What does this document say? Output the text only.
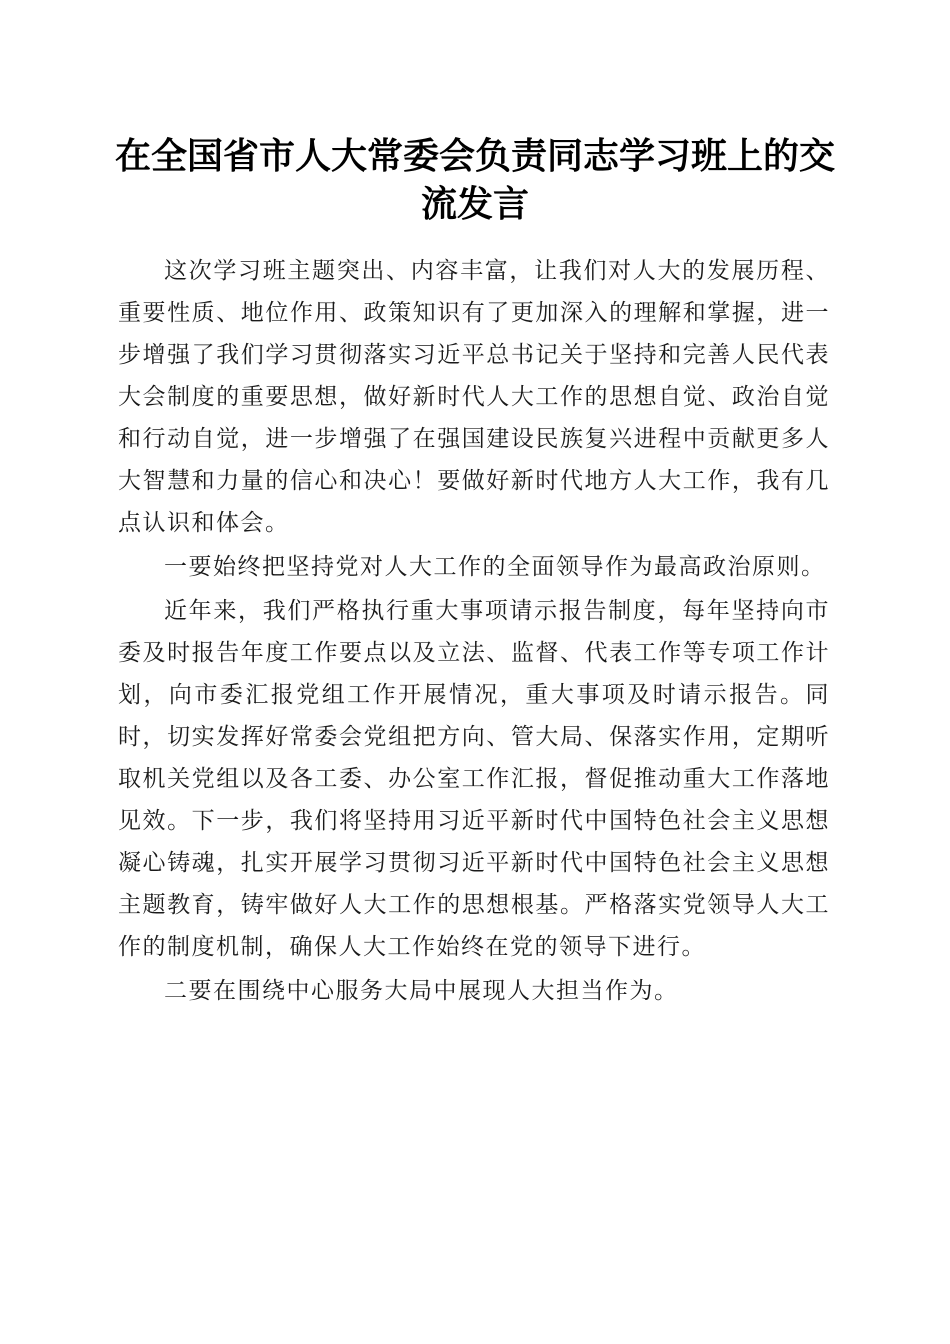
在全国省市人大常委会负责同志学习班上的交流发言

这次学习班主题突出、内容丰富，让我们对人大的发展历程、重要性质、地位作用、政策知识有了更加深入的理解和掌握，进一步增强了我们学习贯彻落实习近平总书记关于坚持和完善人民代表大会制度的重要思想，做好新时代人大工作的思想自觉、政治自觉和行动自觉，进一步增强了在强国建设民族复兴进程中贡献更多人大智慧和力量的信心和决心！要做好新时代地方人大工作，我有几点认识和体会。

一要始终把坚持党对人大工作的全面领导作为最高政治原则。

近年来，我们严格执行重大事项请示报告制度，每年坚持向市委及时报告年度工作要点以及立法、监督、代表工作等专项工作计划，向市委汇报党组工作开展情况，重大事项及时请示报告。同时，切实发挥好常委会党组把方向、管大局、保落实作用，定期听取机关党组以及各工委、办公室工作汇报，督促推动重大工作落地见效。下一步，我们将坚持用习近平新时代中国特色社会主义思想凝心铸魂，扎实开展学习贯彻习近平新时代中国特色社会主义思想主题教育，铸牢做好人大工作的思想根基。严格落实党领导人大工作的制度机制，确保人大工作始终在党的领导下进行。

二要在围绕中心服务大局中展现人大担当作为。
